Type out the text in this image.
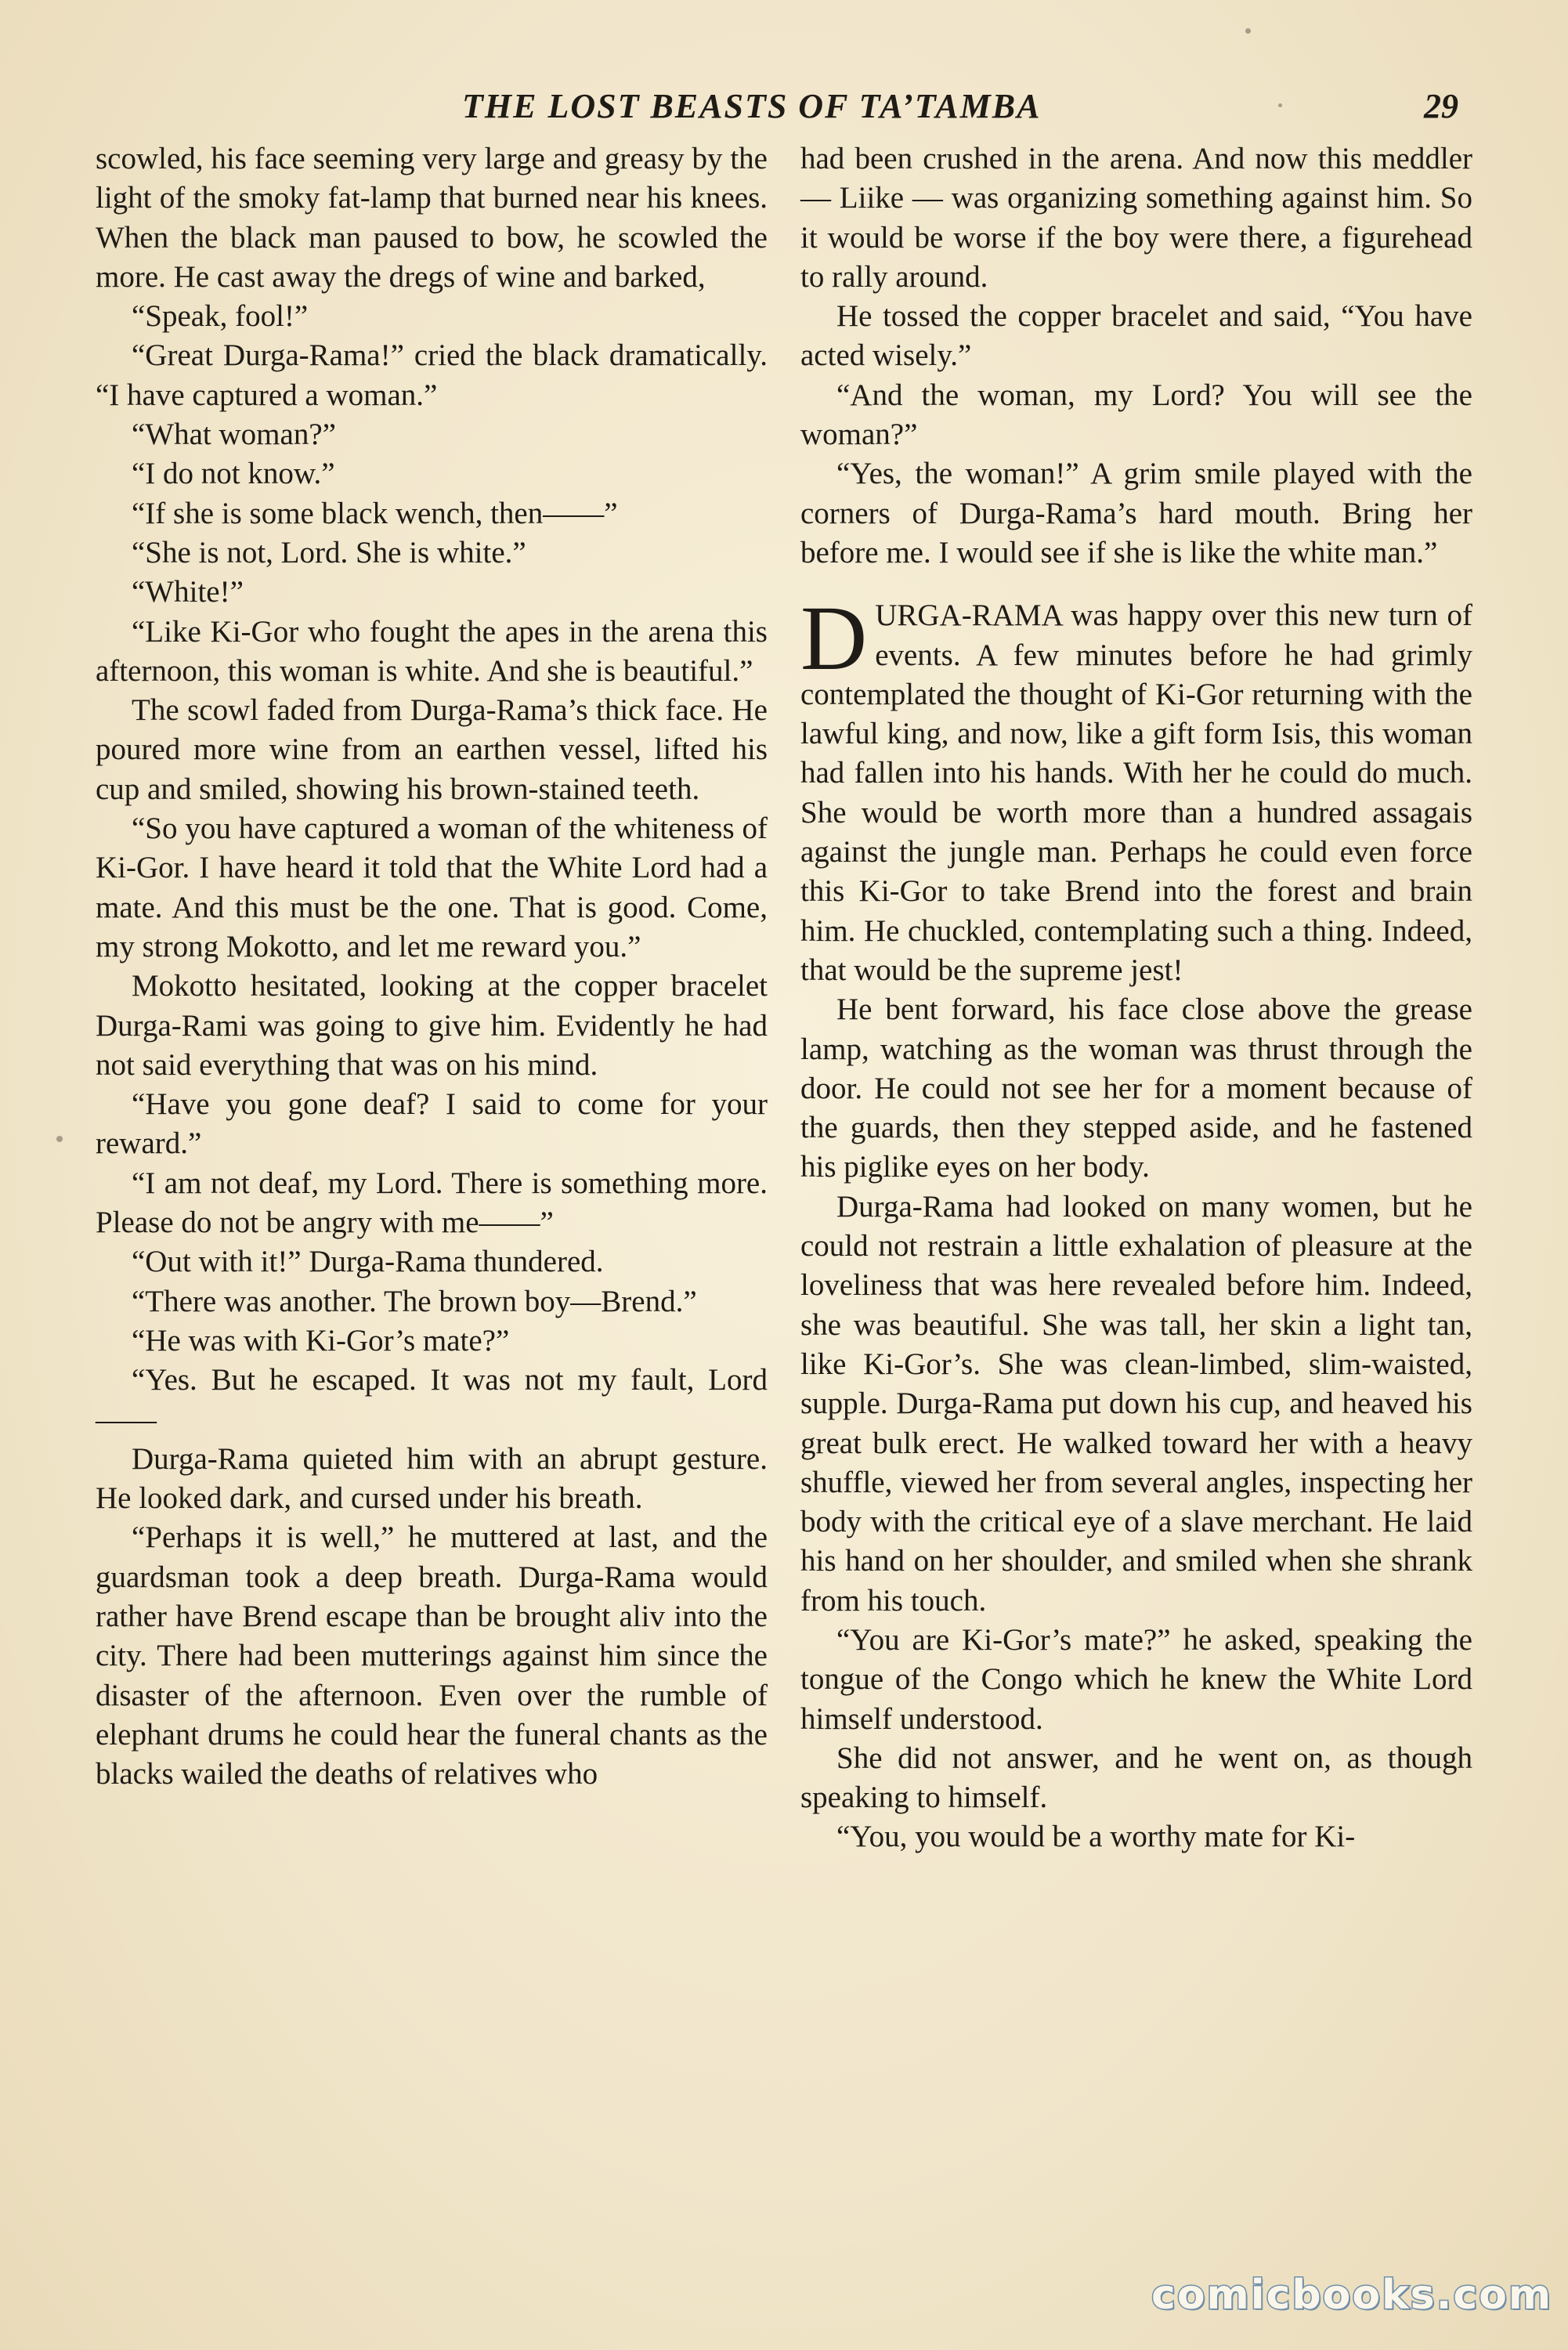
THE LOST BEASTS OF TA’TAMBA	29

scowled, his face seeming very large and greasy by the light of the smoky fat-lamp that burned near his knees. When the black man paused to bow, he scowled the more. He cast away the dregs of wine and barked,

“Speak, fool!”

“Great Durga-Rama!” cried the black dramatically. “I have captured a woman.”

“What woman?”

“I do not know.”

“If she is some black wench, then——”

“She is not, Lord. She is white.”

“White!”

“Like Ki-Gor who fought the apes in the arena this afternoon, this woman is white. And she is beautiful.”

The scowl faded from Durga-Rama’s thick face. He poured more wine from an earthen vessel, lifted his cup and smiled, showing his brown-stained teeth.

“So you have captured a woman of the whiteness of Ki-Gor. I have heard it told that the White Lord had a mate. And this must be the one. That is good. Come, my strong Mokotto, and let me reward you.”

Mokotto hesitated, looking at the copper bracelet Durga-Rami was going to give him. Evidently he had not said everything that was on his mind.

“Have you gone deaf? I said to come for your reward.”

“I am not deaf, my Lord. There is something more. Please do not be angry with me——”

“Out with it!” Durga-Rama thundered.

“There was another. The brown boy—Brend.”

“He was with Ki-Gor’s mate?”

“Yes. But he escaped. It was not my fault, Lord——

Durga-Rama quieted him with an abrupt gesture. He looked dark, and cursed under his breath.

“Perhaps it is well,” he muttered at last, and the guardsman took a deep breath. Durga-Rama would rather have Brend escape than be brought aliv into the city. There had been mutterings against him since the disaster of the afternoon. Even over the rumble of elephant drums he could hear the funeral chants as the blacks wailed the deaths of relatives who

had been crushed in the arena. And now this meddler — Liike — was organizing something against him. So it would be worse if the boy were there, a figurehead to rally around.

He tossed the copper bracelet and said, “You have acted wisely.”

“And the woman, my Lord? You will see the woman?”

“Yes, the woman!” A grim smile played with the corners of Durga-Rama’s hard mouth. Bring her before me. I would see if she is like the white man.”

DURGA-RAMA was happy over this new turn of events. A few minutes before he had grimly contemplated the thought of Ki-Gor returning with the lawful king, and now, like a gift form Isis, this woman had fallen into his hands. With her he could do much. She would be worth more than a hundred assagais against the jungle man. Perhaps he could even force this Ki-Gor to take Brend into the forest and brain him. He chuckled, contemplating such a thing. Indeed, that would be the supreme jest!

He bent forward, his face close above the grease lamp, watching as the woman was thrust through the door. He could not see her for a moment because of the guards, then they stepped aside, and he fastened his piglike eyes on her body.

Durga-Rama had looked on many women, but he could not restrain a little exhalation of pleasure at the loveliness that was here revealed before him. Indeed, she was beautiful. She was tall, her skin a light tan, like Ki-Gor’s. She was clean-limbed, slim-waisted, supple. Durga-Rama put down his cup, and heaved his great bulk erect. He walked toward her with a heavy shuffle, viewed her from several angles, inspecting her body with the critical eye of a slave merchant. He laid his hand on her shoulder, and smiled when she shrank from his touch.

“You are Ki-Gor’s mate?” he asked, speaking the tongue of the Congo which he knew the White Lord himself understood.

She did not answer, and he went on, as though speaking to himself.

“You, you would be a worthy mate for Ki-

comicbooks.com
